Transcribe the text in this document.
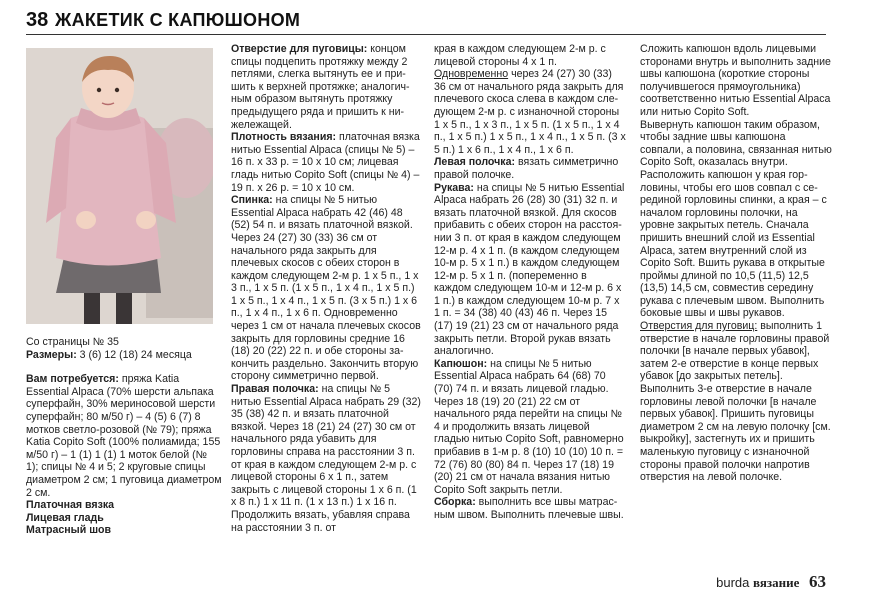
38 ЖАКЕТИК С КАПЮШОНОМ

Со страницы № 35

Размеры: 3 (6) 12 (18) 24 месяца

Вам потребуется: пряжа Katia Essential Alpaca (70% шерсти альпака суперфайн, 30% мериносовой шерсти суперфайн; 80 м/50 г) – 4 (5) 6 (7) 8 мотков светло-розовой (№ 79); пряжа Katia Copito Soft (100% полиамида; 155 м/50 г) – 1 (1) 1 (1) 1 моток белой (№ 1); спицы № 4 и 5; 2 круговые спицы диаметром 2 см; 1 пуговица диаметром 2 см.

Платочная вязка

Лицевая гладь

Матрасный шов

Отверстие для пуговицы: концом спицы подцепить протяжку между 2 петлями, слегка вытянуть ее и пришить к верхней протяжке; аналогичным образом вытянуть протяжку предыдущего ряда и пришить к нижележащей.

Плотность вязания: платочная вязка нитью Essential Alpaca (спицы № 5) – 16 п. х 33 р. = 10 х 10 см; лицевая гладь нитью Copito Soft (спицы № 4) – 19 п. х 26 р. = 10 х 10 см.

Спинка: на спицы № 5 нитью Essential Alpaca набрать 42 (46) 48 (52) 54 п. и вязать платочной вязкой. Через 24 (27) 30 (33) 36 см от начального ряда закрыть для плечевых скосов с обеих сторон в каждом следующем 2-м р. 1 х 5 п., 1 х 3 п., 1 х 5 п. (1 х 5 п., 1 х 4 п., 1 х 5 п.) 1 х 5 п., 1 х 4 п., 1 х 5 п. (3 х 5 п.) 1 х 6 п., 1 х 4 п., 1 х 6 п. Одновременно через 1 см от начала плечевых скосов закрыть для горловины средние 16 (18) 20 (22) 22 п. и обе стороны закончить раздельно. Закончить вторую сторону симметрично первой.

Правая полочка: на спицы № 5 нитью Essential Alpaca набрать 29 (32) 35 (38) 42 п. и вязать платочной вязкой. Через 18 (21) 24 (27) 30 см от начального ряда убавить для горловины справа на расстоянии 3 п. от края в каждом следующем 2-м р. с лицевой стороны 6 х 1 п., затем закрыть с лицевой стороны 1 х 6 п. (1 х 8 п.) 1 х 11 п. (1 х 13 п.) 1 х 16 п. Продолжить вязать, убавляя справа на расстоянии 3 п. от

края в каждом следующем 2-м р. с лицевой стороны 4 х 1 п.

Одновременно через 24 (27) 30 (33) 36 см от начального ряда закрыть для плечевого скоса слева в каждом следующем 2-м р. с изнаночной стороны 1 х 5 п., 1 х 3 п., 1 х 5 п. (1 х 5 п., 1 х 4 п., 1 х 5 п.) 1 х 5 п., 1 х 4 п., 1 х 5 п. (3 х 5 п.) 1 х 6 п., 1 х 4 п., 1 х 6 п.

Левая полочка: вязать симметрично правой полочке.

Рукава: на спицы № 5 нитью Essential Alpaca набрать 26 (28) 30 (31) 32 п. и вязать платочной вязкой. Для скосов прибавить с обеих сторон на расстоянии 3 п. от края в каждом следующем 12-м р. 4 х 1 п. (в каждом следующем 10-м р. 5 х 1 п.) в каждом следующем 12-м р. 5 х 1 п. (попеременно в каждом следующем 10-м и 12-м р. 6 х 1 п.) в каждом следующем 10-м р. 7 х 1 п. = 34 (38) 40 (43) 46 п. Через 15 (17) 19 (21) 23 см от начального ряда закрыть петли. Второй рукав вязать аналогично.

Капюшон: на спицы № 5 нитью Essential Alpaca набрать 64 (68) 70 (70) 74 п. и вязать лицевой гладью. Через 18 (19) 20 (21) 22 см от начального ряда перейти на спицы № 4 и продолжить вязать лицевой гладью нитью Copito Soft, равномерно прибавив в 1-м р. 8 (10) 10 (10) 10 п. = 72 (76) 80 (80) 84 п. Через 17 (18) 19 (20) 21 см от начала вязания нитью Copito Soft закрыть петли.

Сборка: выполнить все швы матрасным швом. Выполнить плечевые швы.

Сложить капюшон вдоль лицевыми сторонами внутрь и выполнить задние швы капюшона (короткие стороны получившегося прямоугольника) соответственно нитью Essential Alpaca или нитью Copito Soft.

Вывернуть капюшон таким образом, чтобы задние швы капюшона совпали, а половина, связанная нитью Copito Soft, оказалась внутри. Расположить капюшон у края горловины, чтобы его шов совпал с серединой горловины спинки, а края – с началом горловины полочки, на уровне закрытых петель. Сначала пришить внешний слой из Essential Alpaca, затем внутренний слой из Copito Soft. Вшить рукава в открытые проймы длиной по 10,5 (11,5) 12,5 (13,5) 14,5 см, совместив середину рукава с плечевым швом. Выполнить боковые швы и швы рукавов.

Отверстия для пуговиц: выполнить 1 отверстие в начале горловины правой полочки [в начале первых убавок], затем 2-е отверстие в конце первых убавок [до закрытых петель]. Выполнить 3-е отверстие в начале горловины левой полочки [в начале первых убавок]. Пришить пуговицы диаметром 2 см на левую полочку [см. выкройку], застегнуть их и пришить маленькую пуговицу с изнаночной стороны правой полочки напротив отверстия на левой полочке.

burda вязание 63
